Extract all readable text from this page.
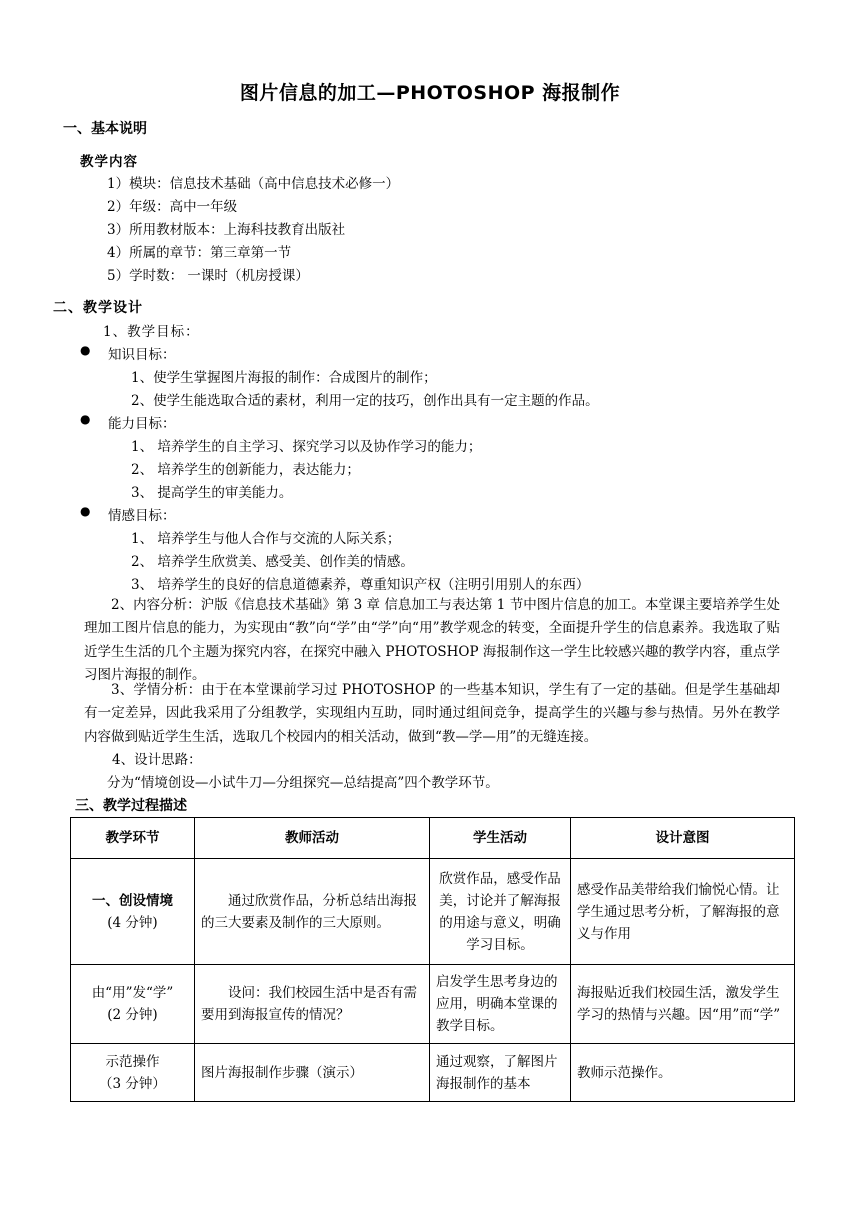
图片信息的加工—PHOTOSHOP 海报制作
一、基本说明
教学内容
1）模块：信息技术基础（高中信息技术必修一）
2）年级：高中一年级
3）所用教材版本：上海科技教育出版社
4）所属的章节：第三章第一节
5）学时数： 一课时（机房授课）
二、教学设计
1、教学目标：
● 知识目标：
1、使学生掌握图片海报的制作：合成图片的制作；
2、使学生能选取合适的素材，利用一定的技巧，创作出具有一定主题的作品。
● 能力目标：
1、 培养学生的自主学习、探究学习以及协作学习的能力；
2、 培养学生的创新能力，表达能力；
3、 提高学生的审美能力。
● 情感目标：
1、 培养学生与他人合作与交流的人际关系；
2、 培养学生欣赏美、感受美、创作美的情感。
3、 培养学生的良好的信息道德素养，尊重知识产权（注明引用别人的东西）

2、内容分析：沪版《信息技术基础》第 3 章 信息加工与表达第 1 节中图片信息的加工。本堂课主要培养学生处理加工图片信息的能力，为实现由“教”向“学”由“学”向“用”教学观念的转变，全面提升学生的信息素养。我选取了贴近学生生活的几个主题为探究内容，在探究中融入 PHOTOSHOP 海报制作这一学生比较感兴趣的教学内容，重点学习图片海报的制作。

3、学情分析：由于在本堂课前学习过 PHOTOSHOP 的一些基本知识，学生有了一定的基础。但是学生基础却有一定差异，因此我采用了分组教学，实现组内互助，同时通过组间竞争，提高学生的兴趣与参与热情。另外在教学内容做到贴近学生生活，选取几个校园内的相关活动，做到“教—学—用”的无缝连接。

4、设计思路：
分为“情境创设—小试牛刀—分组探究—总结提高”四个教学环节。
三、教学过程描述
教学环节	教师活动	学生活动	设计意图

一、创设情境
(4 分钟)	通过欣赏作品，分析总结出海报的三大要素及制作的三大原则。	欣赏作品，感受作品美，讨论并了解海报的用途与意义，明确学习目标。	感受作品美带给我们愉悦心情。让学生通过思考分析，了解海报的意义与作用

由“用”发“学”
(2 分钟)	设问：我们校园生活中是否有需要用到海报宣传的情况？	启发学生思考身边的应用，明确本堂课的教学目标。	海报贴近我们校园生活，激发学生学习的热情与兴趣。因“用”而“学”

示范操作
（3 分钟）	图片海报制作步骤（演示）	通过观察，了解图片海报制作的基本	教师示范操作。
